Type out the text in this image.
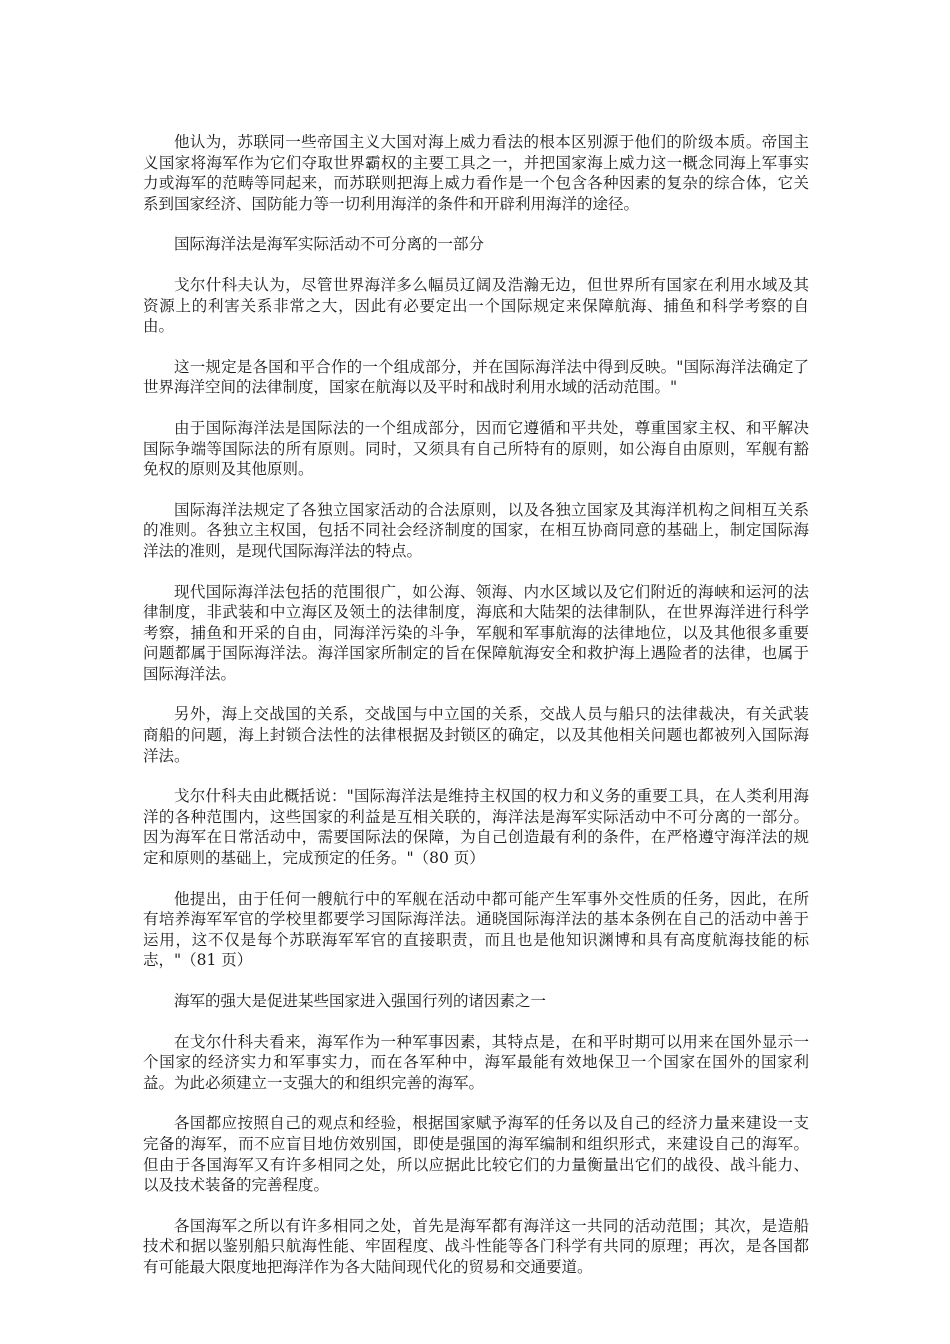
他认为，苏联同一些帝国主义大国对海上威力看法的根本区别源于他们的阶级本质。帝国主义国家将海军作为它们夺取世界霸权的主要工具之一，并把国家海上威力这一概念同海上军事实力或海军的范畴等同起来，而苏联则把海上威力看作是一个包含各种因素的复杂的综合体，它关系到国家经济、国防能力等一切利用海洋的条件和开辟利用海洋的途径。

国际海洋法是海军实际活动不可分离的一部分

戈尔什科夫认为，尽管世界海洋多么幅员辽阔及浩瀚无边，但世界所有国家在利用水域及其资源上的利害关系非常之大，因此有必要定出一个国际规定来保障航海、捕鱼和科学考察的自由。

这一规定是各国和平合作的一个组成部分，并在国际海洋法中得到反映。"国际海洋法确定了世界海洋空间的法律制度，国家在航海以及平时和战时利用水域的活动范围。"

由于国际海洋法是国际法的一个组成部分，因而它遵循和平共处，尊重国家主权、和平解决国际争端等国际法的所有原则。同时，又须具有自己所特有的原则，如公海自由原则，军舰有豁免权的原则及其他原则。

国际海洋法规定了各独立国家活动的合法原则，以及各独立国家及其海洋机构之间相互关系的准则。各独立主权国，包括不同社会经济制度的国家，在相互协商同意的基础上，制定国际海洋法的准则，是现代国际海洋法的特点。

现代国际海洋法包括的范围很广，如公海、领海、内水区域以及它们附近的海峡和运河的法律制度，非武装和中立海区及领土的法律制度，海底和大陆架的法律制队，在世界海洋进行科学考察，捕鱼和开采的自由，同海洋污染的斗争，军舰和军事航海的法律地位，以及其他很多重要问题都属于国际海洋法。海洋国家所制定的旨在保障航海安全和救护海上遇险者的法律，也属于国际海洋法。

另外，海上交战国的关系，交战国与中立国的关系，交战人员与船只的法律裁决，有关武装商船的问题，海上封锁合法性的法律根据及封锁区的确定，以及其他相关问题也都被列入国际海洋法。

戈尔什科夫由此概括说："国际海洋法是维持主权国的权力和义务的重要工具，在人类利用海洋的各种范围内，这些国家的利益是互相关联的，海洋法是海军实际活动中不可分离的一部分。因为海军在日常活动中，需要国际法的保障，为自己创造最有利的条件，在严格遵守海洋法的规定和原则的基础上，完成预定的任务。"（80 页）

他提出，由于任何一艘航行中的军舰在活动中都可能产生军事外交性质的任务，因此，在所有培养海军军官的学校里都要学习国际海洋法。通晓国际海洋法的基本条例在自己的活动中善于运用，这不仅是每个苏联海军军官的直接职责，而且也是他知识渊博和具有高度航海技能的标志，"（81 页）

海军的强大是促进某些国家进入强国行列的诸因素之一

在戈尔什科夫看来，海军作为一种军事因素，其特点是，在和平时期可以用来在国外显示一个国家的经济实力和军事实力，而在各军种中，海军最能有效地保卫一个国家在国外的国家利益。为此必须建立一支强大的和组织完善的海军。

各国都应按照自己的观点和经验，根据国家赋予海军的任务以及自己的经济力量来建设一支完备的海军，而不应盲目地仿效别国，即使是强国的海军编制和组织形式，来建设自己的海军。但由于各国海军又有许多相同之处，所以应据此比较它们的力量衡量出它们的战役、战斗能力、以及技术装备的完善程度。

各国海军之所以有许多相同之处，首先是海军都有海洋这一共同的活动范围；其次，是造船技术和据以鉴别船只航海性能、牢固程度、战斗性能等各门科学有共同的原理；再次，是各国都有可能最大限度地把海洋作为各大陆间现代化的贸易和交通要道。
